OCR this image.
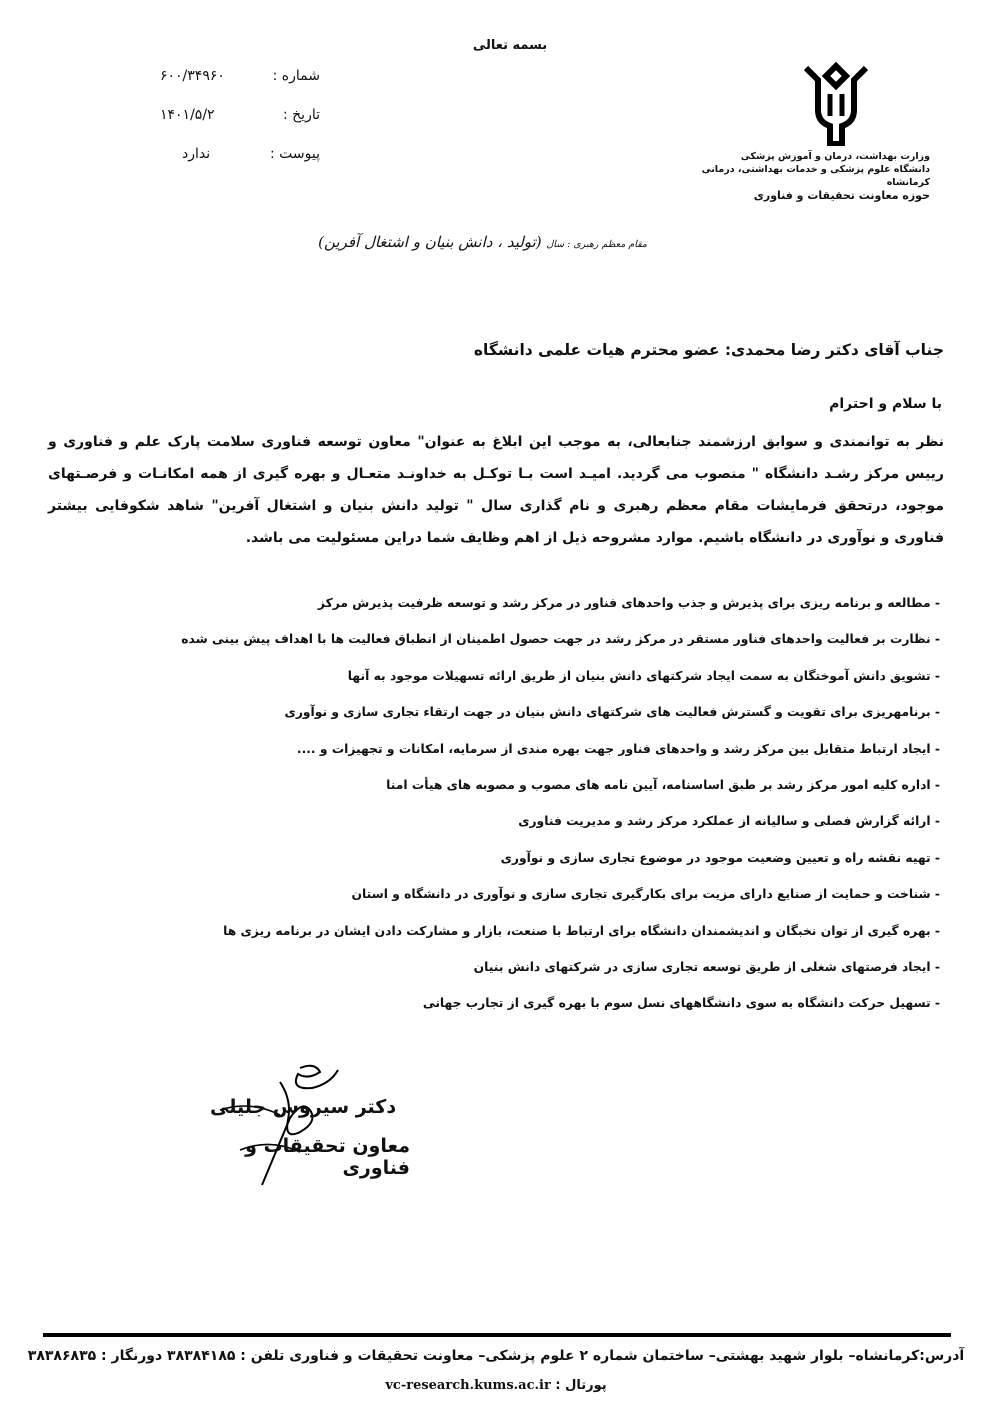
بسمه تعالی
شماره :
۶۰۰/۳۴۹۶۰
تاریخ :
۱۴۰۱/۵/۲
پیوست :
ندارد	وزارت بهداشت، درمان و آموزش پزشکی
دانشگاه علوم پزشکی و خدمات بهداشتی، درمانی کرمانشاه
حوزه معاونت تحقیقات و فناوری
مقام معظم رهبری : سال (تولید ، دانش بنیان و اشتغال آفرین)
جناب آقای دکتر رضا محمدی: عضو محترم هیات علمی دانشگاه
با سلام و احترام
نظر به توانمندی و سوابق ارزشمند جنابعالی، به موجب این ابلاغ به عنوان" معاون توسعه فناوری سلامت پارک علم و فناوری و رییس مرکز رشـد دانشگاه " منصوب می گردید. امیـد است بـا توکـل به خداونـد متعـال و بهره گیری از همه امکانـات و فرصـتهای موجود، درتحقق فرمایشات مقام معظم رهبری و نام گذاری سال " تولید دانش بنیان و اشتغال آفرین" شاهد شکوفایی بیشتر فناوری و نوآوری در دانشگاه باشیم. موارد مشروحه ذیل از اهم وظایف شما دراین مسئولیت می باشد.
- مطالعه و برنامه ریزی برای پذیرش و جذب واحدهای فناور در مرکز رشد و توسعه ظرفیت پذیرش مرکز
- نظارت بر فعالیت واحدهای فناور مستقر در مرکز رشد در جهت حصول اطمینان از انطباق فعالیت ها با اهداف پیش بینی شده
- تشویق دانش آموختگان به سمت ایجاد شرکتهای دانش بنیان از طریق ارائه تسهیلات موجود به آنها
- برنامهریزی برای تقویت و گسترش فعالیت های شرکتهای دانش بنیان در جهت ارتقاء تجاری سازی و نوآوری
- ایجاد ارتباط متقابل بین مرکز رشد و واحدهای فناور جهت بهره مندی از سرمایه، امکانات و تجهیزات و ....
- اداره کلیه امور مرکز رشد بر طبق اساسنامه، آیین نامه های مصوب و مصوبه های هیأت امنا
- ارائه گزارش فصلی و سالیانه از عملکرد مرکز رشد و مدیریت فناوری
- تهیه نقشه راه و تعیین وضعیت موجود در موضوع تجاری سازی و نوآوری
- شناخت و حمایت از صنایع دارای مزیت برای بکارگیری تجاری سازی و نوآوری در دانشگاه و استان
- بهره گیری از توان نخبگان و اندیشمندان دانشگاه برای ارتباط با صنعت، بازار و مشارکت دادن ایشان در برنامه ریزی ها
- ایجاد فرصتهای شغلی از طریق توسعه تجاری سازی در شرکتهای دانش بنیان
- تسهیل حرکت دانشگاه به سوی دانشگاههای نسل سوم با بهره گیری از تجارب جهانی
دکتر سیروس جلیلی
معاون تحقیقات و فناوری
آدرس:کرمانشاه– بلوار شهید بهشتی– ساختمان شماره ۲ علوم پزشکی– معاونت تحقیقات و فناوری تلفن : ۳۸۳۸۴۱۸۵ دورنگار : ۳۸۳۸۶۸۳۵
پورتال : vc-research.kums.ac.ir
